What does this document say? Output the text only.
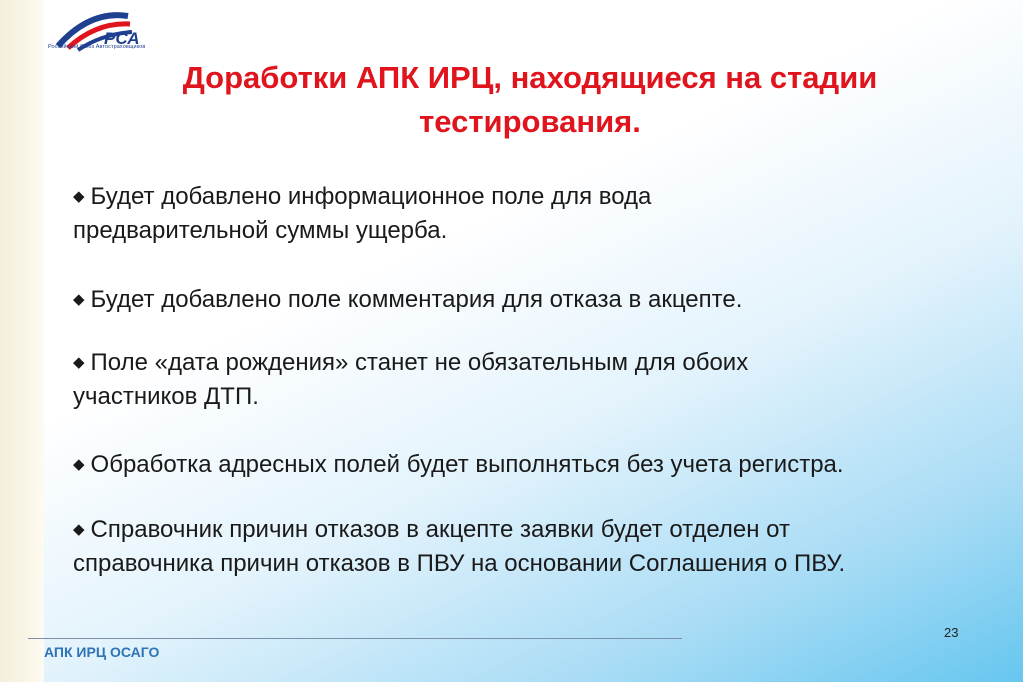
РСА
Российский Союз Автостраховщиков
Доработки АПК ИРЦ, находящиеся на стадии
тестирования.
◆ Будет добавлено информационное поле для вода
предварительной суммы ущерба.
◆ Будет добавлено поле комментария для отказа в акцепте.
◆ Поле «дата рождения» станет не обязательным для обоих
участников ДТП.
◆ Обработка адресных полей будет выполняться без учета регистра.
◆ Справочник причин отказов в акцепте заявки будет отделен от
справочника причин отказов в ПВУ на основании Соглашения о ПВУ.
АПК ИРЦ ОСАГО
23
